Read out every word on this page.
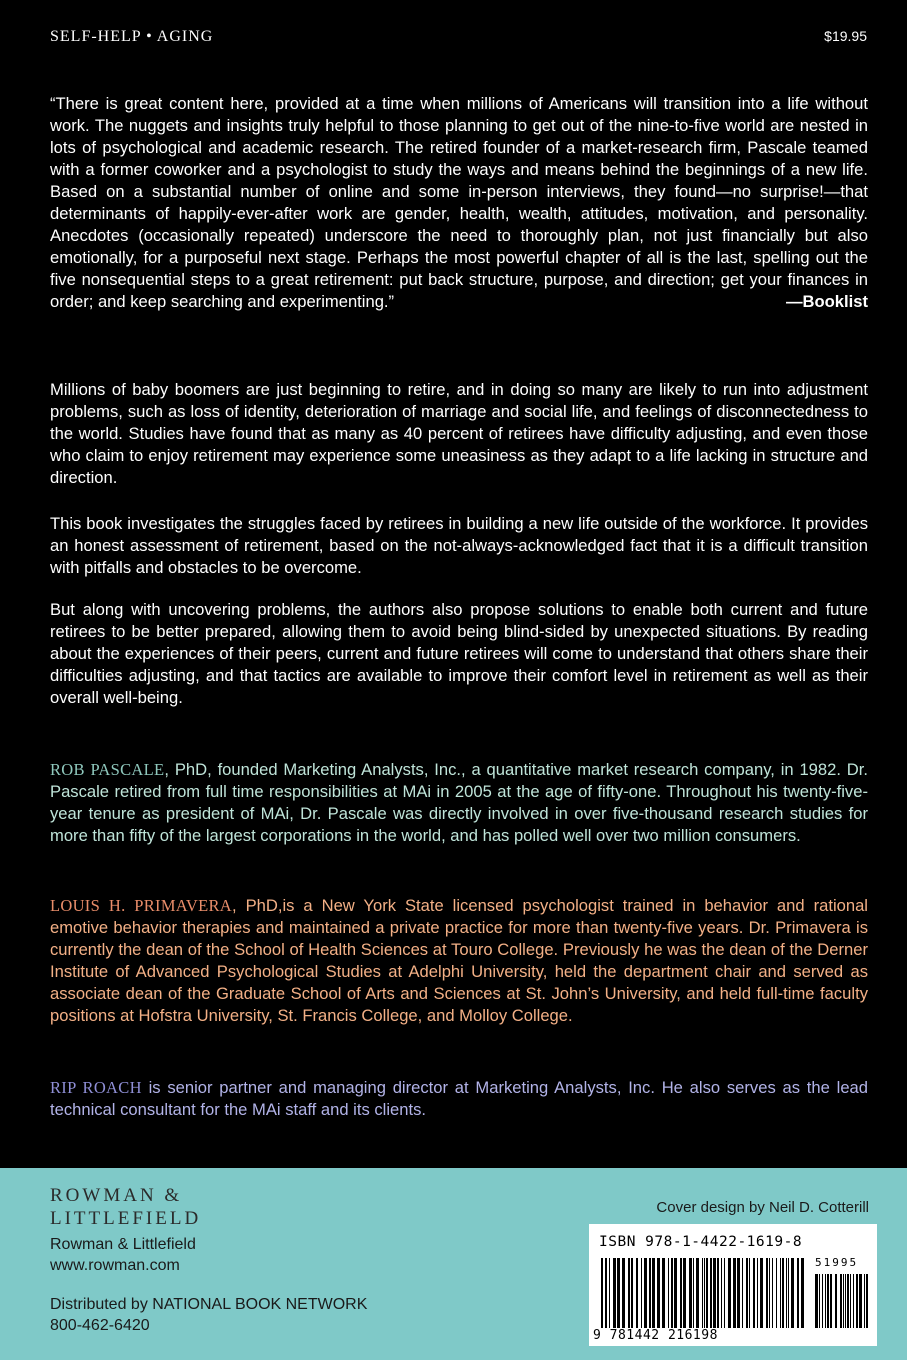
SELF-HELP • AGING	$19.95

“There is great content here, provided at a time when millions of Americans will transition into a life without work. The nuggets and insights truly helpful to those planning to get out of the nine-to-five world are nested in lots of psychological and academic research. The retired founder of a market-research firm, Pascale teamed with a former coworker and a psychologist to study the ways and means behind the beginnings of a new life. Based on a substantial number of online and some in-person interviews, they found—no surprise!—that determinants of happily-ever-after work are gender, health, wealth, attitudes, motivation, and personality. Anecdotes (occasionally repeated) underscore the need to thoroughly plan, not just financially but also emotionally, for a purposeful next stage. Perhaps the most powerful chapter of all is the last, spelling out the five nonsequential steps to a great retirement: put back structure, purpose, and direction; get your finances in order; and keep searching and experimenting.”	—Booklist

Millions of baby boomers are just beginning to retire, and in doing so many are likely to run into adjustment problems, such as loss of identity, deterioration of marriage and social life, and feelings of disconnectedness to the world. Studies have found that as many as 40 percent of retirees have difficulty adjusting, and even those who claim to enjoy retirement may experience some uneasiness as they adapt to a life lacking in structure and direction.

This book investigates the struggles faced by retirees in building a new life outside of the workforce. It provides an honest assessment of retirement, based on the not-always-acknowledged fact that it is a difficult transition with pitfalls and obstacles to be overcome.

But along with uncovering problems, the authors also propose solutions to enable both current and future retirees to be better prepared, allowing them to avoid being blind-sided by unexpected situations. By reading about the experiences of their peers, current and future retirees will come to understand that others share their difficulties adjusting, and that tactics are available to improve their comfort level in retirement as well as their overall well-being.

ROB PASCALE, PhD, founded Marketing Analysts, Inc., a quantitative market research company, in 1982. Dr. Pascale retired from full time responsibilities at MAi in 2005 at the age of fifty-one. Throughout his twenty-five-year tenure as president of MAi, Dr. Pascale was directly involved in over five-thousand research studies for more than fifty of the largest corporations in the world, and has polled well over two million consumers.

LOUIS H. PRIMAVERA, PhD,is a New York State licensed psychologist trained in behavior and rational emotive behavior therapies and maintained a private practice for more than twenty-five years. Dr. Primavera is currently the dean of the School of Health Sciences at Touro College. Previously he was the dean of the Derner Institute of Advanced Psychological Studies at Adelphi University, held the department chair and served as associate dean of the Graduate School of Arts and Sciences at St. John’s University, and held full-time faculty positions at Hofstra University, St. Francis College, and Molloy College.

RIP ROACH is senior partner and managing director at Marketing Analysts, Inc. He also serves as the lead technical consultant for the MAi staff and its clients.

ROWMAN &
LITTLEFIELD
Rowman & Littlefield
www.rowman.com
Distributed by NATIONAL BOOK NETWORK
800-462-6420
Cover design by Neil D. Cotterill
ISBN 978-1-4422-1619-8
51995
9 781442 216198
